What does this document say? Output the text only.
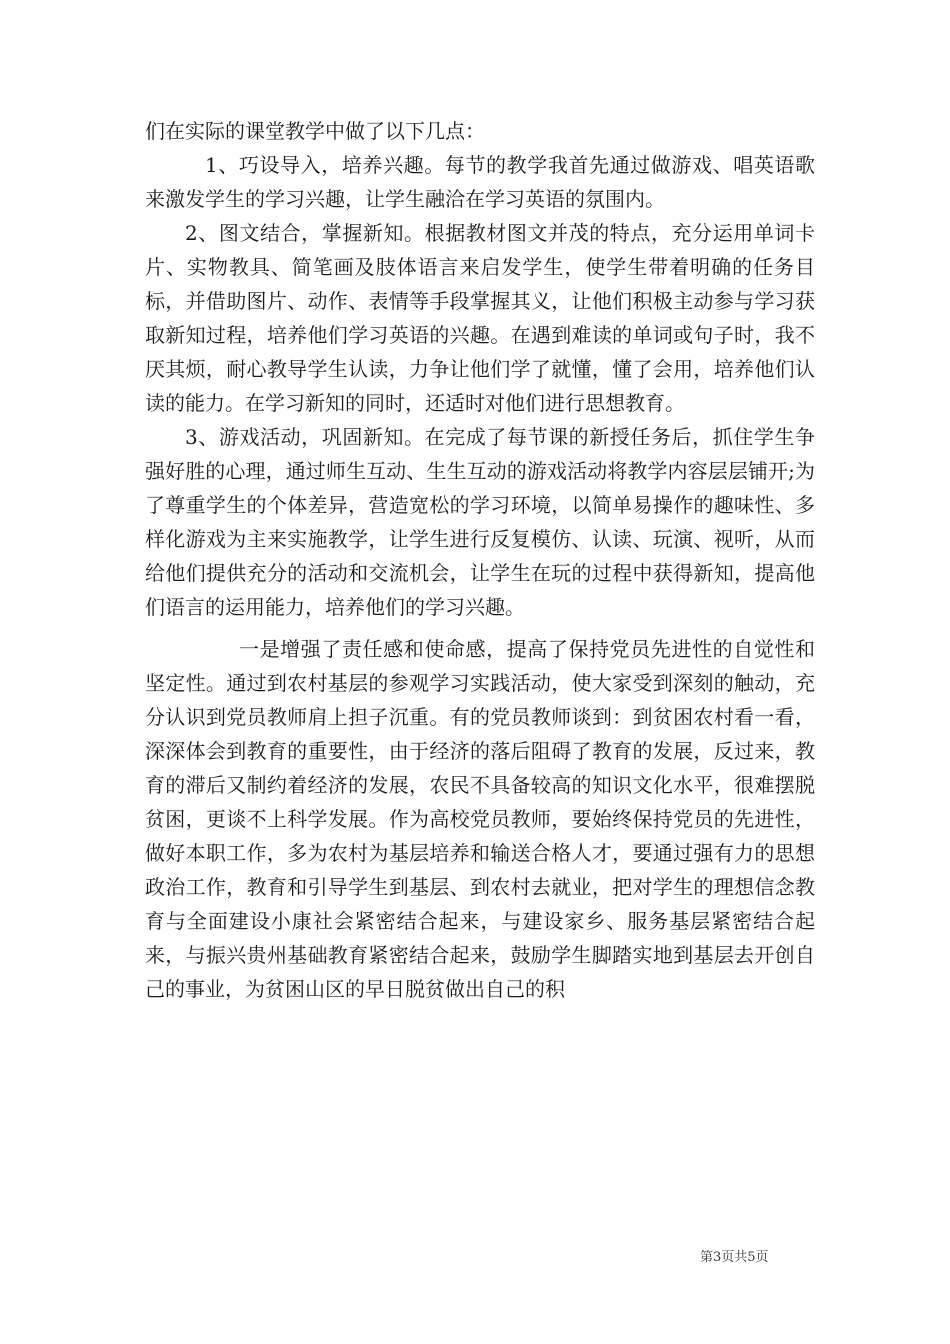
们在实际的课堂教学中做了以下几点：

1、巧设导入，培养兴趣。每节的教学我首先通过做游戏、唱英语歌来激发学生的学习兴趣，让学生融洽在学习英语的氛围内。

2、图文结合，掌握新知。根据教材图文并茂的特点，充分运用单词卡片、实物教具、简笔画及肢体语言来启发学生，使学生带着明确的任务目标，并借助图片、动作、表情等手段掌握其义，让他们积极主动参与学习获取新知过程，培养他们学习英语的兴趣。在遇到难读的单词或句子时，我不厌其烦，耐心教导学生认读，力争让他们学了就懂，懂了会用，培养他们认读的能力。在学习新知的同时，还适时对他们进行思想教育。

3、游戏活动，巩固新知。在完成了每节课的新授任务后，抓住学生争强好胜的心理，通过师生互动、生生互动的游戏活动将教学内容层层铺开;为了尊重学生的个体差异，营造宽松的学习环境，以简单易操作的趣味性、多样化游戏为主来实施教学，让学生进行反复模仿、认读、玩演、视听，从而给他们提供充分的活动和交流机会，让学生在玩的过程中获得新知，提高他们语言的运用能力，培养他们的学习兴趣。

一是增强了责任感和使命感，提高了保持党员先进性的自觉性和坚定性。通过到农村基层的参观学习实践活动，使大家受到深刻的触动，充分认识到党员教师肩上担子沉重。有的党员教师谈到：到贫困农村看一看，深深体会到教育的重要性，由于经济的落后阻碍了教育的发展，反过来，教育的滞后又制约着经济的发展，农民不具备较高的知识文化水平，很难摆脱贫困，更谈不上科学发展。作为高校党员教师，要始终保持党员的先进性，做好本职工作，多为农村为基层培养和输送合格人才，要通过强有力的思想政治工作，教育和引导学生到基层、到农村去就业，把对学生的理想信念教育与全面建设小康社会紧密结合起来，与建设家乡、服务基层紧密结合起来，与振兴贵州基础教育紧密结合起来，鼓励学生脚踏实地到基层去开创自己的事业，为贫困山区的早日脱贫做出自己的积

第3页共5页
